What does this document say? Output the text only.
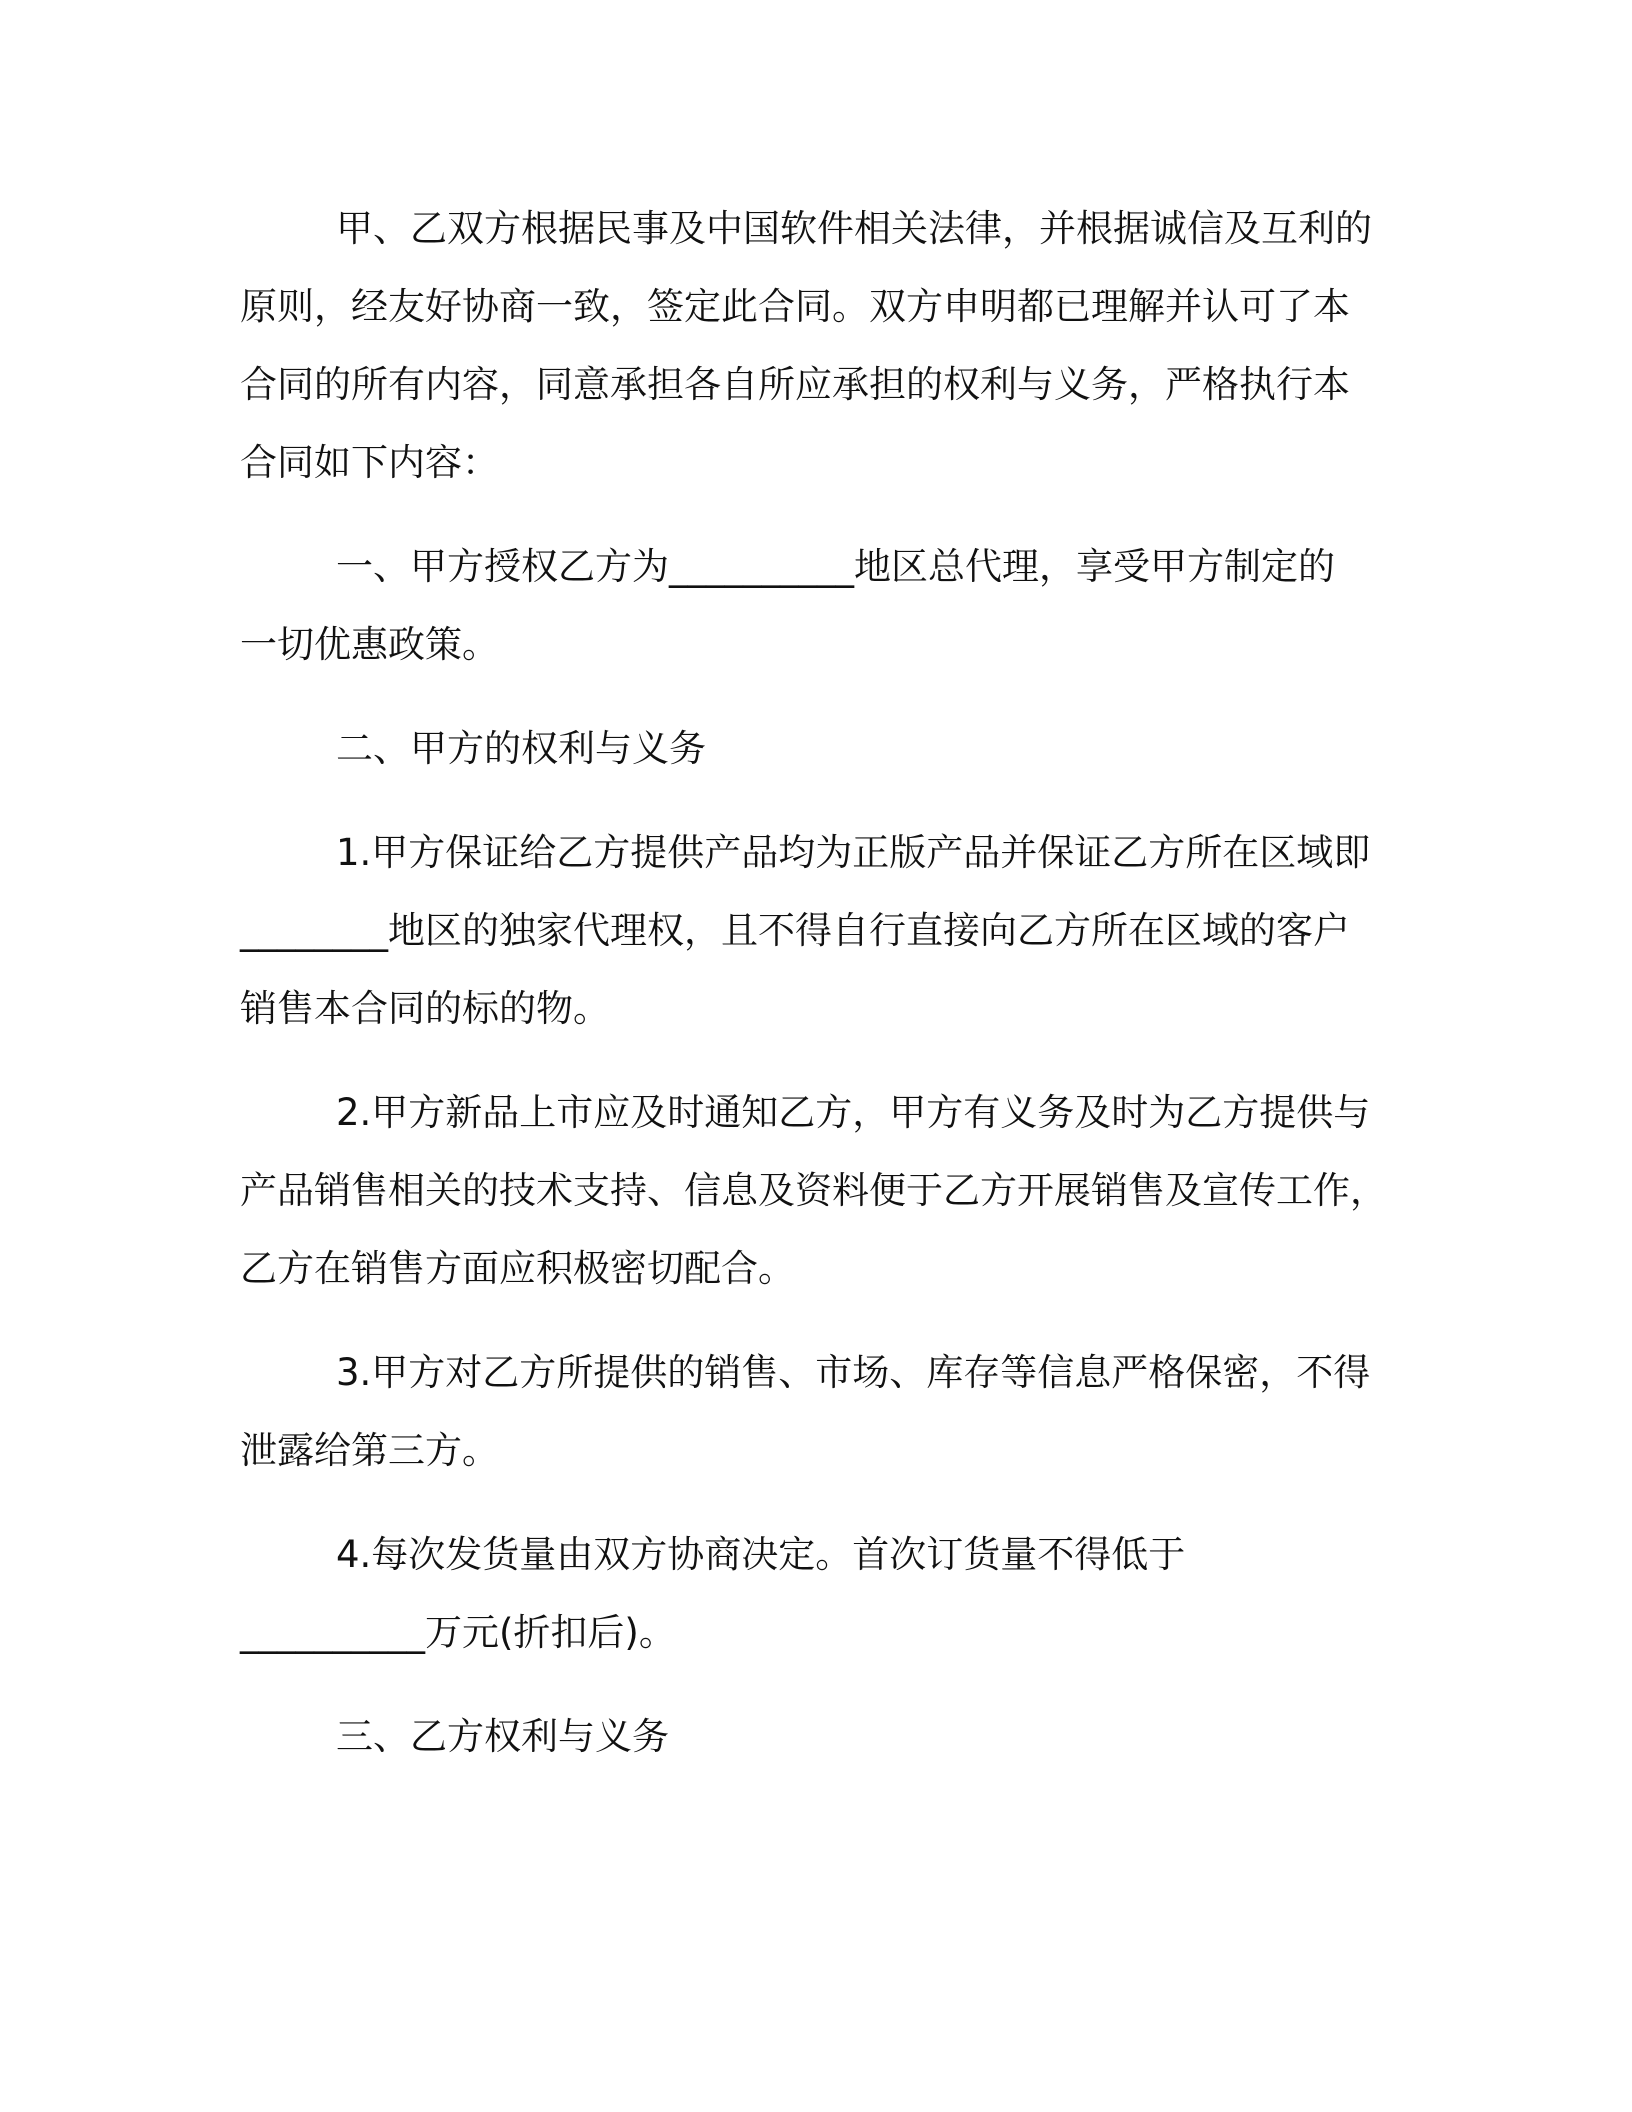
甲、乙双方根据民事及中国软件相关法律，并根据诚信及互利的
原则，经友好协商一致，签定此合同。双方申明都已理解并认可了本
合同的所有内容，同意承担各自所应承担的权利与义务，严格执行本
合同如下内容：
一、甲方授权乙方为__________地区总代理，享受甲方制定的
一切优惠政策。
二、甲方的权利与义务
1.甲方保证给乙方提供产品均为正版产品并保证乙方所在区域即
________地区的独家代理权，且不得自行直接向乙方所在区域的客户
销售本合同的标的物。
2.甲方新品上市应及时通知乙方，甲方有义务及时为乙方提供与
产品销售相关的技术支持、信息及资料便于乙方开展销售及宣传工作，
乙方在销售方面应积极密切配合。
3.甲方对乙方所提供的销售、市场、库存等信息严格保密，不得
泄露给第三方。
4.每次发货量由双方协商决定。首次订货量不得低于
__________万元(折扣后)。
三、乙方权利与义务
